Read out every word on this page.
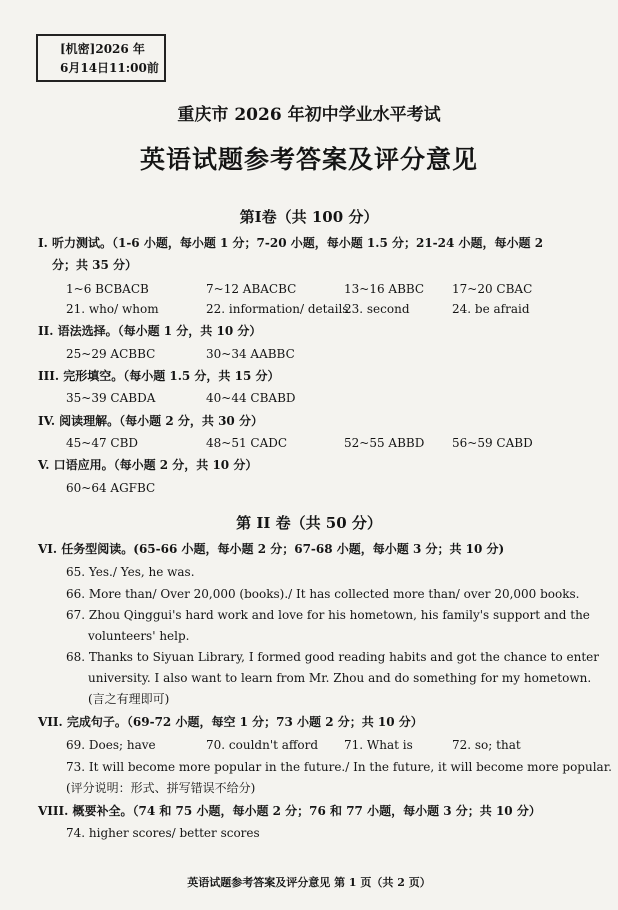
[机密]2026 年
6月14日11:00前
重庆市 2026 年初中学业水平考试
英语试题参考答案及评分意见
第Ⅰ卷（共 100 分）
I. 听力测试。（1-6 小题，每小题 1 分；7-20 小题，每小题 1.5 分；21-24 小题，每小题 2
分；共 35 分）
1~6 BCBACB	7~12 ABACBC	13~16 ABBC 17~20 CBAC
21. who/ whom	22. information/ details
23. second	24. be afraid
II. 语法选择。（每小题 1 分，共 10 分）
25~29 ACBBC	30~34 AABBC
III. 完形填空。（每小题 1.5 分，共 15 分）
35~39 CABDA	40~44 CBABD
IV. 阅读理解。（每小题 2 分，共 30 分）
45~47 CBD	48~51 CADC	52~55 ABBD 56~59 CABD
V. 口语应用。（每小题 2 分，共 10 分）
60~64 AGFBC
第 II 卷（共 50 分）
VI. 任务型阅读。(65-66 小题，每小题 2 分；67-68 小题，每小题 3 分；共 10 分)
65. Yes./ Yes, he was.
66. More than/ Over 20,000 (books)./ It has collected more than/ over 20,000 books.
67. Zhou Qinggui's hard work and love for his hometown, his family's support and the
volunteers' help.
68. Thanks to Siyuan Library, I formed good reading habits and got the chance to enter
university. I also want to learn from Mr. Zhou and do something for my hometown.
(言之有理即可)
VII. 完成句子。（69-72 小题，每空 1 分；73 小题 2 分；共 10 分）
69. Does; have	70. couldn't afford 71. What is	72. so; that
73. It will become more popular in the future./ In the future, it will become more popular.
(评分说明：形式、拼写错误不给分)
VIII. 概要补全。（74 和 75 小题，每小题 2 分；76 和 77 小题，每小题 3 分；共 10 分）
74. higher scores/ better scores
英语试题参考答案及评分意见 第 1 页（共 2 页）
